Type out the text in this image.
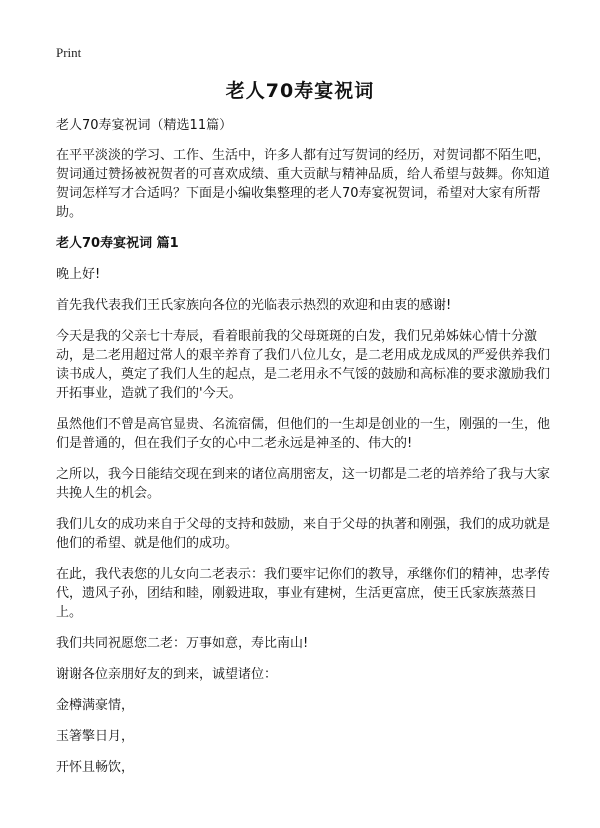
Print
老人70寿宴祝词

老人70寿宴祝词（精选11篇）

在平平淡淡的学习、工作、生活中，许多人都有过写贺词的经历，对贺词都不陌生吧，贺词通过赞扬被祝贺者的可喜欢成绩、重大贡献与精神品质，给人希望与鼓舞。你知道贺词怎样写才合适吗？下面是小编收集整理的老人70寿宴祝贺词，希望对大家有所帮助。

老人70寿宴祝词 篇1

晚上好!

首先我代表我们王氏家族向各位的光临表示热烈的欢迎和由衷的感谢!

今天是我的父亲七十寿辰，看着眼前我的父母斑斑的白发，我们兄弟姊妹心情十分激动，是二老用超过常人的艰辛养育了我们八位儿女，是二老用成龙成凤的严爱供养我们读书成人，奠定了我们人生的起点，是二老用永不气馁的鼓励和高标准的要求激励我们开拓事业，造就了我们的'今天。

虽然他们不曾是高官显贵、名流宿儒，但他们的一生却是创业的一生，刚强的一生，他们是普通的，但在我们子女的心中二老永远是神圣的、伟大的!

之所以，我今日能结交现在到来的诸位高朋密友，这一切都是二老的培养给了我与大家共挽人生的机会。

我们儿女的成功来自于父母的支持和鼓励，来自于父母的执著和刚强，我们的成功就是他们的希望、就是他们的成功。

在此，我代表您的儿女向二老表示：我们要牢记你们的教导，承继你们的精神，忠孝传代，遗风子孙，团结和睦，刚毅进取，事业有建树，生活更富庶，使王氏家族蒸蒸日上。

我们共同祝愿您二老：万事如意，寿比南山!

谢谢各位亲朋好友的到来，诚望诸位：

金樽满豪情，

玉箸擎日月，

开怀且畅饮，
